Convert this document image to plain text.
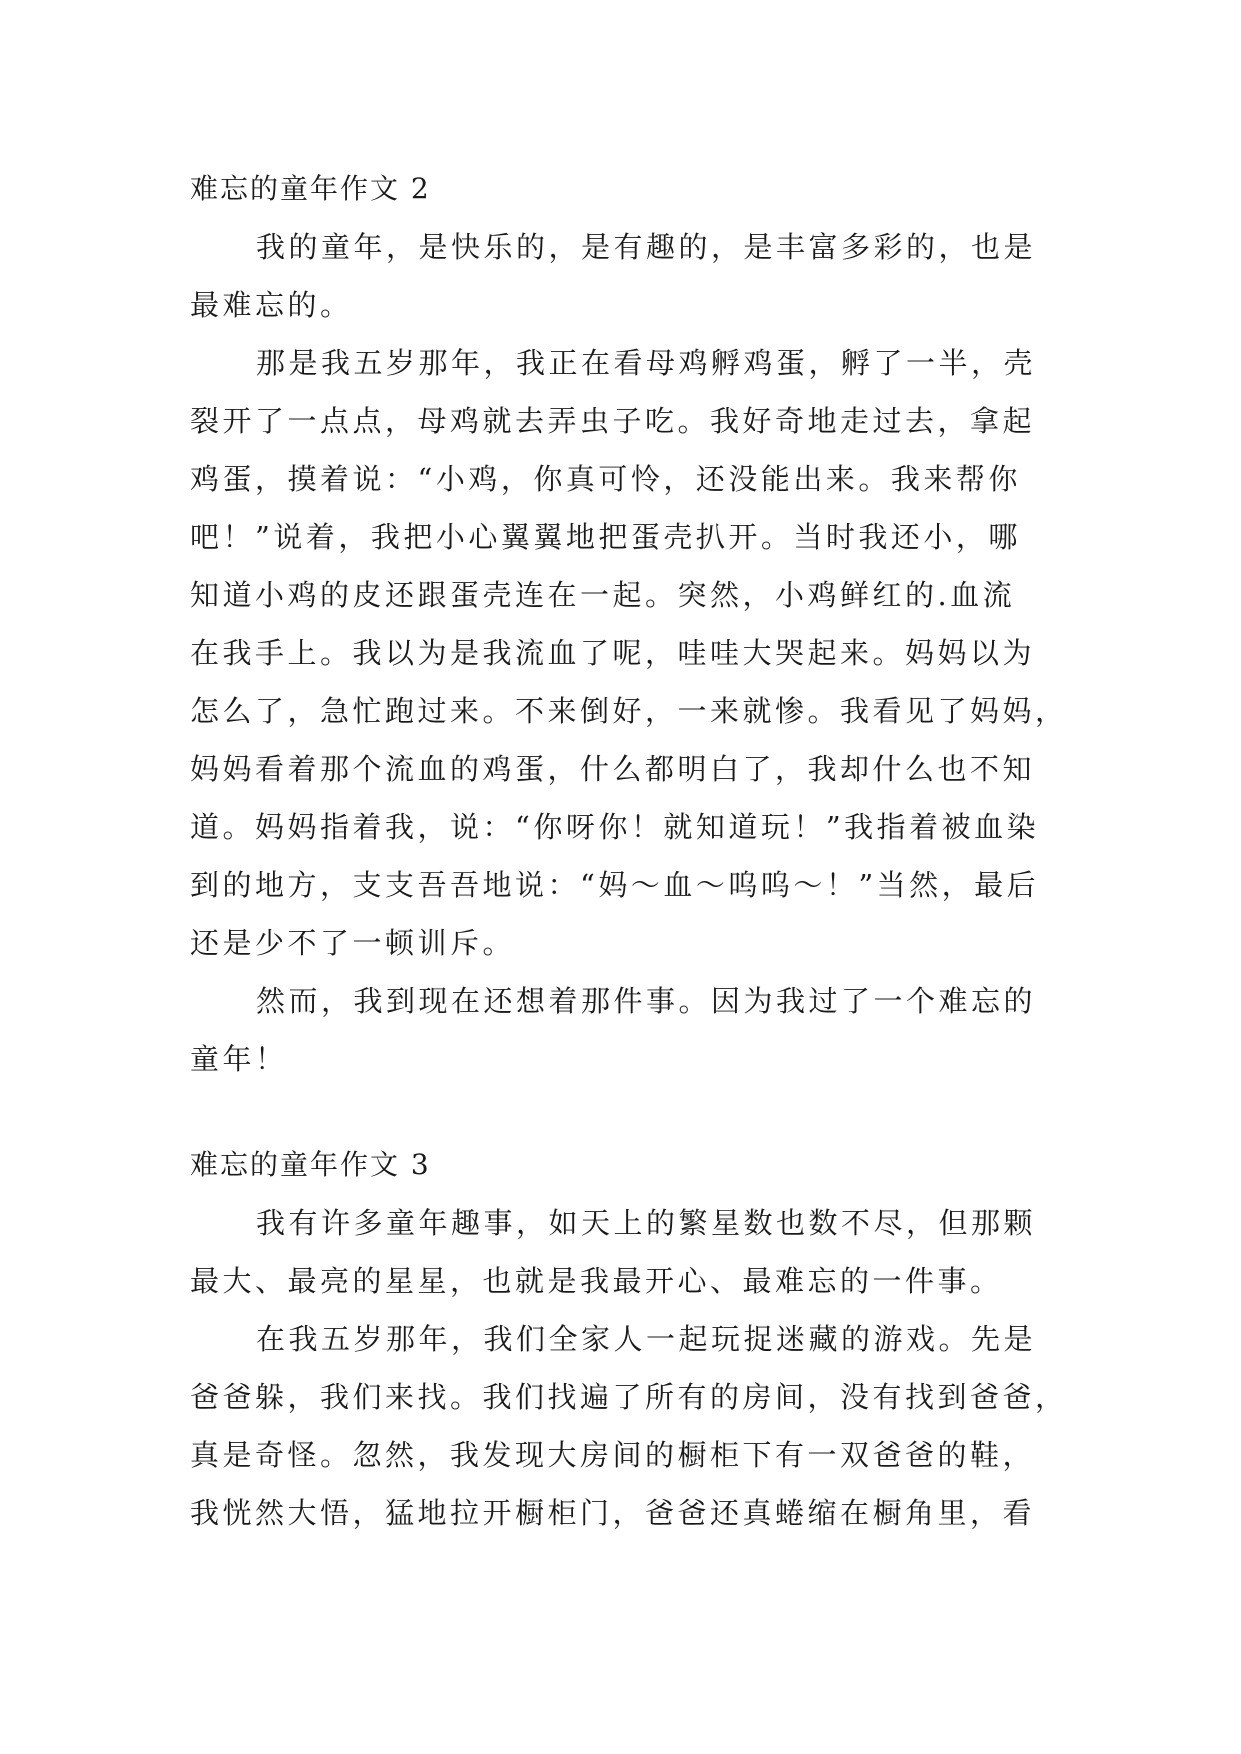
难忘的童年作文 2

我的童年，是快乐的，是有趣的，是丰富多彩的，也是

最难忘的。

那是我五岁那年，我正在看母鸡孵鸡蛋，孵了一半，壳

裂开了一点点，母鸡就去弄虫子吃。我好奇地走过去，拿起

鸡蛋，摸着说：“小鸡，你真可怜，还没能出来。我来帮你

吧！”说着，我把小心翼翼地把蛋壳扒开。当时我还小，哪

知道小鸡的皮还跟蛋壳连在一起。突然，小鸡鲜红的.血流

在我手上。我以为是我流血了呢，哇哇大哭起来。妈妈以为

怎么了，急忙跑过来。不来倒好，一来就惨。我看见了妈妈，

妈妈看着那个流血的鸡蛋，什么都明白了，我却什么也不知

道。妈妈指着我，说：“你呀你！就知道玩！”我指着被血染

到的地方，支支吾吾地说：“妈～血～呜呜～！”当然，最后

还是少不了一顿训斥。

然而，我到现在还想着那件事。因为我过了一个难忘的

童年！

难忘的童年作文 3

我有许多童年趣事，如天上的繁星数也数不尽，但那颗

最大、最亮的星星，也就是我最开心、最难忘的一件事。

在我五岁那年，我们全家人一起玩捉迷藏的游戏。先是

爸爸躲，我们来找。我们找遍了所有的房间，没有找到爸爸，

真是奇怪。忽然，我发现大房间的橱柜下有一双爸爸的鞋，

我恍然大悟，猛地拉开橱柜门，爸爸还真蜷缩在橱角里，看
